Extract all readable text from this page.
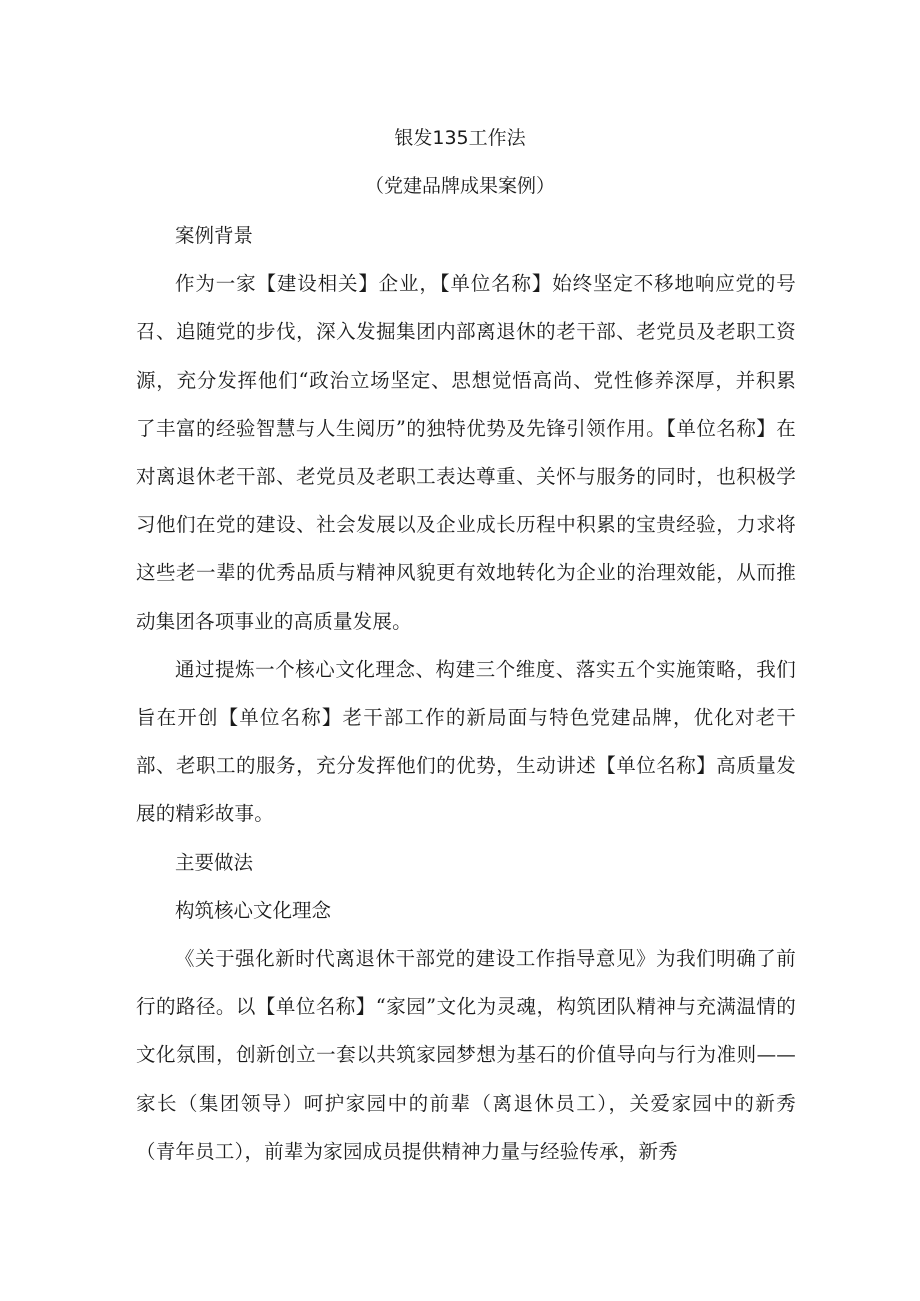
银发135工作法
（党建品牌成果案例）

案例背景

作为一家【建设相关】企业，【单位名称】始终坚定不移地响应党的号召、追随党的步伐，深入发掘集团内部离退休的老干部、老党员及老职工资源，充分发挥他们“政治立场坚定、思想觉悟高尚、党性修养深厚，并积累了丰富的经验智慧与人生阅历”的独特优势及先锋引领作用。【单位名称】在对离退休老干部、老党员及老职工表达尊重、关怀与服务的同时，也积极学习他们在党的建设、社会发展以及企业成长历程中积累的宝贵经验，力求将这些老一辈的优秀品质与精神风貌更有效地转化为企业的治理效能，从而推动集团各项事业的高质量发展。

通过提炼一个核心文化理念、构建三个维度、落实五个实施策略，我们旨在开创【单位名称】老干部工作的新局面与特色党建品牌，优化对老干部、老职工的服务，充分发挥他们的优势，生动讲述【单位名称】高质量发展的精彩故事。

主要做法

构筑核心文化理念

《关于强化新时代离退休干部党的建设工作指导意见》为我们明确了前行的路径。以【单位名称】“家园”文化为灵魂，构筑团队精神与充满温情的文化氛围，创新创立一套以共筑家园梦想为基石的价值导向与行为准则——家长（集团领导）呵护家园中的前辈（离退休员工），关爱家园中的新秀（青年员工），前辈为家园成员提供精神力量与经验传承，新秀
